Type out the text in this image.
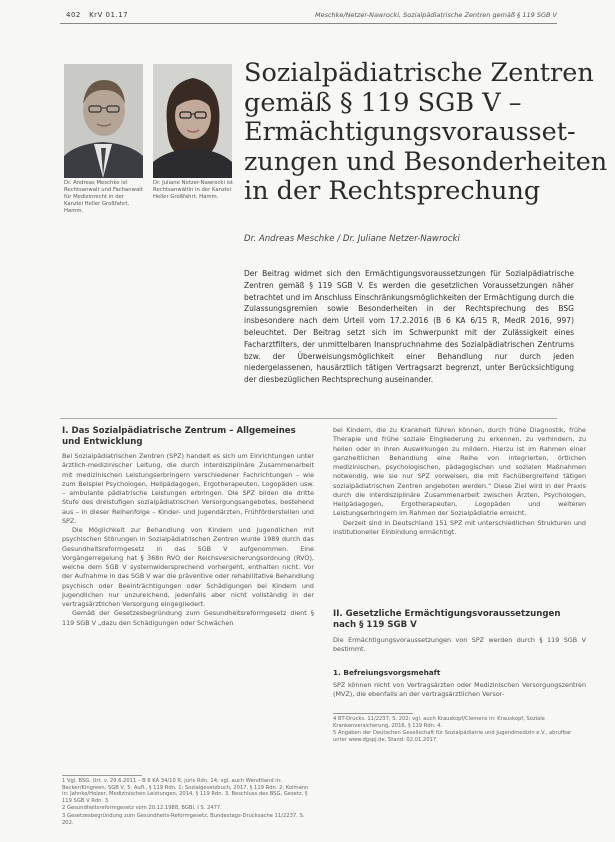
402 KrV 01.17	Meschke/Netzer-Nawrocki, Sozialpädiatrische Zentren gemäß § 119 SGB V
Dr. Andreas Meschke ist Rechtsanwalt und Fachanwalt für Medizinrecht in der Kanzlei Heller Großfahrt, Hamm.
Dr. Juliane Netzer-Nawrocki ist Rechtsanwältin in der Kanzlei Heller Großfahrt, Hamm.
Sozialpädiatrische Zentren
gemäß § 119 SGB V –
Ermächtigungsvorausset-
zungen und Besonderheiten
in der Rechtsprechung
Dr. Andreas Meschke / Dr. Juliane Netzer-Nawrocki
Der Beitrag widmet sich den Ermächtigungsvoraussetzungen für Sozialpädiatrische Zentren gemäß § 119 SGB V. Es werden die gesetzlichen Voraussetzungen näher betrachtet und im Anschluss Einschränkungsmöglichkeiten der Ermächtigung durch die Zulassungsgremien sowie Besonderheiten in der Rechtsprechung des BSG insbesondere nach dem Urteil vom 17.2.2016 (B 6 KA 6/15 R, MedR 2016, 997) beleuchtet. Der Beitrag setzt sich im Schwerpunkt mit der Zulässigkeit eines Facharztfilters, der unmittelbaren Inanspruchnahme des Sozialpädiatrischen Zentrums bzw. der Überweisungsmöglichkeit einer Behandlung nur durch jeden niedergelassenen, hausärztlich tätigen Vertragsarzt begrenzt, unter Berücksichtigung der diesbezüglichen Rechtsprechung auseinander.
I. Das Sozialpädiatrische Zentrum – Allgemeines und Entwicklung
Bei Sozialpädiatrischen Zentren (SPZ) handelt es sich um Einrichtungen unter ärztlich-medizinischer Leitung, die durch interdisziplinäre Zusammenarbeit mit medizinischen Leistungserbringern verschiedener Fachrichtungen – wie zum Beispiel Psychologen, Heilpädagogen, Ergotherapeuten, Logopäden usw. – ambulante pädiatrische Leistungen erbringen. Die SPZ bilden die dritte Stufe des dreistufigen sozialpädiatrischen Versorgungsangebotes, bestehend aus – in dieser Reihenfolge – Kinder- und Jugendärzten, Frühförderstellen und SPZ.
Die Möglichkeit zur Behandlung von Kindern und Jugendlichen mit psychischen Störungen in Sozialpädiatrischen Zentren wurde 1989 durch das Gesundheitsreformgesetz in das SGB V aufgenommen. Eine Vorgängerregelung hat § 368n RVO der Reichsversicherungsordnung (RVO), welche dem SGB V systemwidersprechend vorhergeht, enthalten nicht. Vor der Aufnahme in das SGB V war die präventive oder rehabilitative Behandlung psychisch oder Beeinträchtigungen oder Schädigungen bei Kindern und Jugendlichen nur unzureichend, jedenfalls aber nicht vollständig in der vertragsärztlichen Versorgung eingegliedert.
Gemäß der Gesetzesbegründung zum Gesundheitsreformgesetz dient § 119 SGB V „dazu den Schädigungen oder Schwächen
1 Vgl. BSG, Urt. v. 29.6.2011 – B 6 KA 34/10 R, juris Rdn. 14; vgl. auch Wendtland in: Becker/Kingreen, SGB V, 5. Aufl., § 119 Rdn. 1; Sozialgesetzbuch, 2017, § 119 Rdn. 2; Kolmann in: Jahnke/Holzer, Medizinischen Leistungen, 2014, § 119 Rdn. 3, Beschluss des BSG, Gesetz, § 119 SGB V Rdn. 3.
2 Gesundheitsreformgesetz vom 20.12.1988, BGBl. I S. 2477.
3 Gesetzesbegründung zum Gesundheits-Reformgesetz, Bundestags-Drucksache 11/2237, S. 202.
bei Kindern, die zu Krankheit führen können, durch frühe Diagnostik, frühe Therapie und frühe soziale Eingliederung zu erkennen, zu verhindern, zu heilen oder in ihren Auswirkungen zu mildern. Hierzu ist im Rahmen einer ganzheitlichen Behandlung eine Reihe von integrierten, örtlichen medizinischen, psychologischen, pädagogischen und sozialen Maßnahmen notwendig, wie sie nur SPZ vorweisen, die mit Fachübergreifend tätigen sozialpädiatrischen Zentren angeboten werden.“ Diese Ziel wird in der Praxis durch die interdisziplinäre Zusammenarbeit zwischen Ärzten, Psychologen, Heilpädagogen, Ergotherapeuten, Logopäden und weiteren Leistungserbringern im Rahmen der Sozialpädiatrie erreicht.
Derzeit sind in Deutschland 151 SPZ mit unterschiedlichen Strukturen und institutioneller Einbindung ermächtigt.
II. Gesetzliche Ermächtigungsvoraussetzungen nach § 119 SGB V
Die Ermächtigungsvoraussetzungen von SPZ werden durch § 119 SGB V bestimmt.
1. Befreiungsvorgsmehaft
SPZ können nicht von Vertragsärzten oder Medizinischen Versorgungszentren (MVZ), die ebenfalls an der vertragsärztlichen Versor-
4 BT-Drucks. 11/2237, S. 202; vgl. auch Krauskopf/Clemens in: Krauskopf, Soziale Krankenversicherung, 2016, § 119 Rdn. 4.
5 Angaben der Deutschen Gesellschaft für Sozialpädiatrie und Jugendmedizin e.V., abrufbar unter www.dgspj.de, Stand: 02.01.2017.
